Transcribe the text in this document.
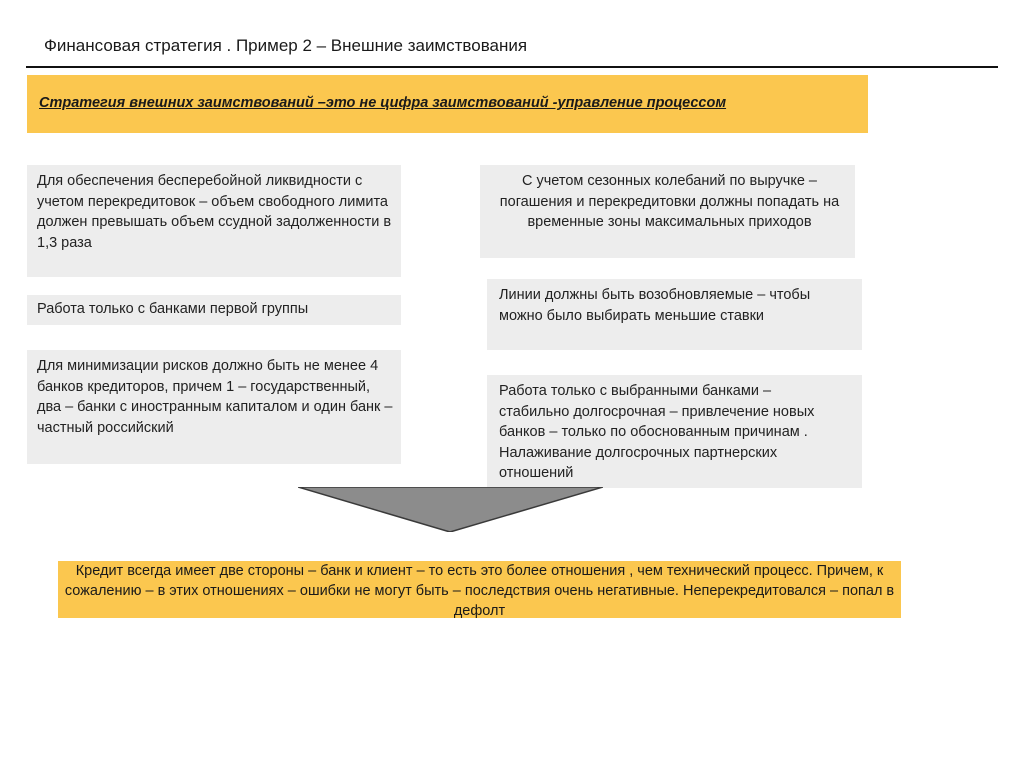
Финансовая стратегия . Пример 2 – Внешние заимствования
Стратегия внешних заимствований –это не цифра заимствований -управление процессом
Для обеспечения бесперебойной ликвидности с учетом перекредитовок – объем свободного лимита должен превышать объем ссудной задолженности в 1,3 раза
Работа только с банками первой группы
Для минимизации рисков должно быть не менее 4 банков кредиторов, причем 1 – государственный, два – банки с иностранным капиталом и один банк – частный российский
С учетом сезонных колебаний по выручке – погашения и перекредитовки должны попадать на временные зоны максимальных приходов
Линии должны быть возобновляемые – чтобы можно было выбирать меньшие ставки
Работа только с выбранными банками – стабильно долгосрочная – привлечение новых банков – только по обоснованным причинам . Налаживание долгосрочных партнерских отношений
Кредит всегда имеет две стороны – банк и клиент – то есть это более отношения , чем технический процесс. Причем, к сожалению – в этих отношениях – ошибки не могут быть – последствия очень негативные. Неперекредитовался – попал в дефолт
